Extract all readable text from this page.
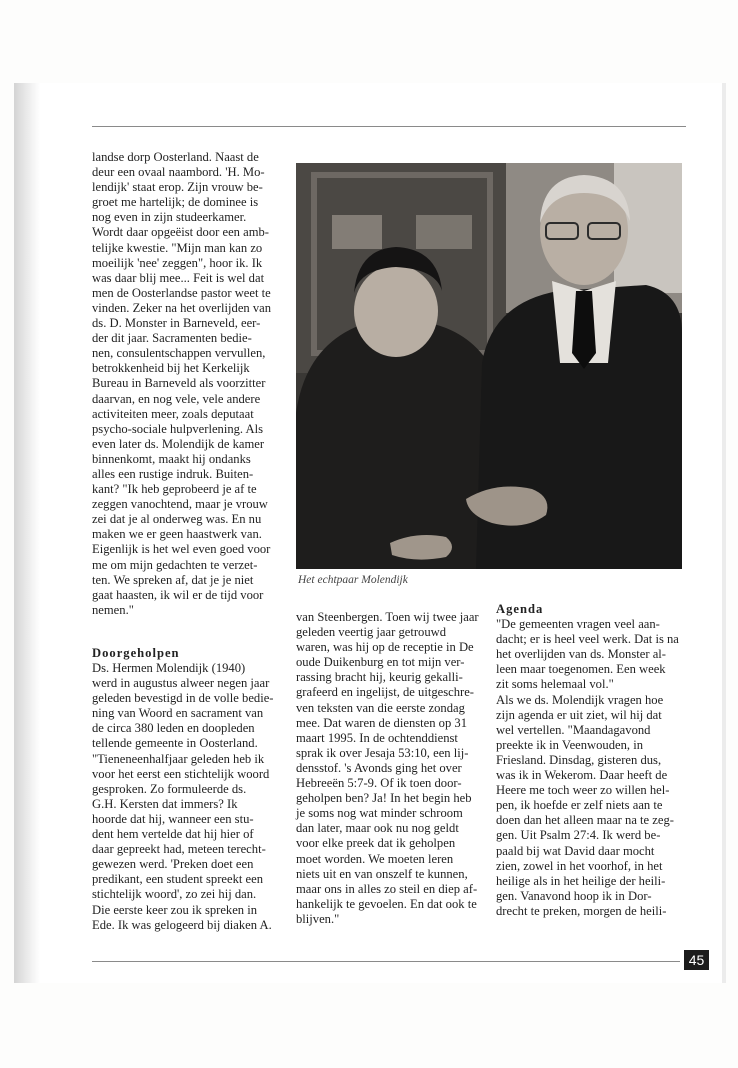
landse dorp Oosterland. Naast de

deur een ovaal naambord. 'H. Mo-

lendijk' staat erop. Zijn vrouw be-

groet me hartelijk; de dominee is

nog even in zijn studeerkamer.

Wordt daar opgeëist door een amb-

telijke kwestie. "Mijn man kan zo

moeilijk 'nee' zeggen", hoor ik. Ik

was daar blij mee... Feit is wel dat

men de Oosterlandse pastor weet te

vinden. Zeker na het overlijden van

ds. D. Monster in Barneveld, eer-

der dit jaar. Sacramenten bedie-

nen, consulentschappen vervullen,

betrokkenheid bij het Kerkelijk

Bureau in Barneveld als voorzitter

daarvan, en nog vele, vele andere

activiteiten meer, zoals deputaat

psycho-sociale hulpverlening. Als

even later ds. Molendijk de kamer

binnenkomt, maakt hij ondanks

alles een rustige indruk. Buiten-

kant? "Ik heb geprobeerd je af te

zeggen vanochtend, maar je vrouw

zei dat je al onderweg was. En nu

maken we er geen haastwerk van.

Eigenlijk is het wel even goed voor

me om mijn gedachten te verzet-

ten. We spreken af, dat je je niet

gaat haasten, ik wil er de tijd voor

nemen."

Doorgeholpen

Ds. Hermen Molendijk (1940)

werd in augustus alweer negen jaar

geleden bevestigd in de volle bedie-

ning van Woord en sacrament van

de circa 380 leden en doopleden

tellende gemeente in Oosterland.

"Tieneneenhalfjaar geleden heb ik

voor het eerst een stichtelijk woord

gesproken. Zo formuleerde ds.

G.H. Kersten dat immers? Ik

hoorde dat hij, wanneer een stu-

dent hem vertelde dat hij hier of

daar gepreekt had, meteen terecht-

gewezen werd. 'Preken doet een

predikant, een student spreekt een

stichtelijk woord', zo zei hij dan.

Die eerste keer zou ik spreken in

Ede. Ik was gelogeerd bij diaken A.

Het echtpaar Molendijk

van Steenbergen. Toen wij twee jaar

geleden veertig jaar getrouwd

waren, was hij op de receptie in De

oude Duikenburg en tot mijn ver-

rassing bracht hij, keurig gekalli-

grafeerd en ingelijst, de uitgeschre-

ven teksten van die eerste zondag

mee. Dat waren de diensten op 31

maart 1995. In de ochtenddienst

sprak ik over Jesaja 53:10, een lij-

densstof. 's Avonds ging het over

Hebreeën 5:7-9. Of ik toen door-

geholpen ben? Ja! In het begin heb

je soms nog wat minder schroom

dan later, maar ook nu nog geldt

voor elke preek dat ik geholpen

moet worden. We moeten leren

niets uit en van onszelf te kunnen,

maar ons in alles zo steil en diep af-

hankelijk te gevoelen. En dat ook te

blijven."

Agenda

"De gemeenten vragen veel aan-

dacht; er is heel veel werk. Dat is na

het overlijden van ds. Monster al-

leen maar toegenomen. Een week

zit soms helemaal vol."

Als we ds. Molendijk vragen hoe

zijn agenda er uit ziet, wil hij dat

wel vertellen. "Maandagavond

preekte ik in Veenwouden, in

Friesland. Dinsdag, gisteren dus,

was ik in Wekerom. Daar heeft de

Heere me toch weer zo willen hel-

pen, ik hoefde er zelf niets aan te

doen dan het alleen maar na te zeg-

gen. Uit Psalm 27:4. Ik werd be-

paald bij wat David daar mocht

zien, zowel in het voorhof, in het

heilige als in het heilige der heili-

gen. Vanavond hoop ik in Dor-

drecht te preken, morgen de heili-

45
